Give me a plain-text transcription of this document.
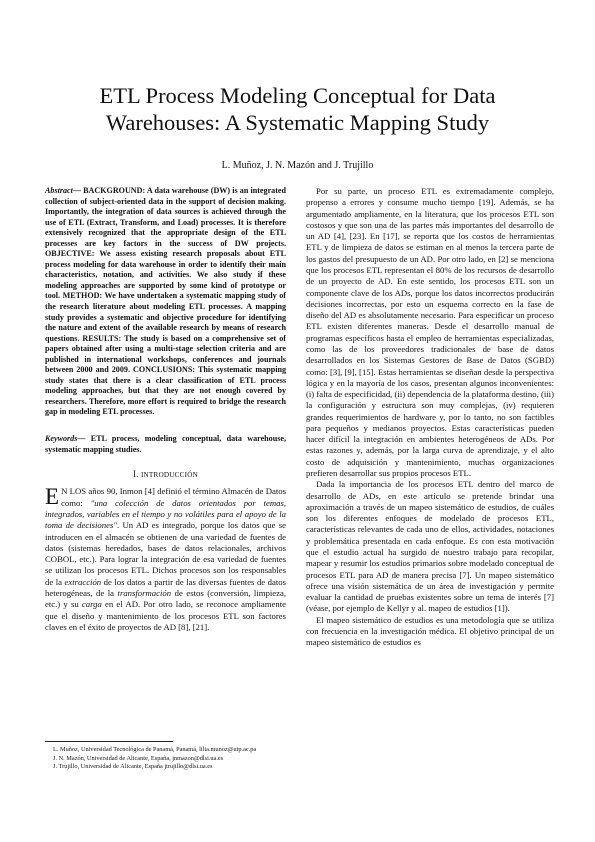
ETL Process Modeling Conceptual for Data
Warehouses: A Systematic Mapping Study
L. Muñoz, J. N. Mazón and J. Trujillo

Abstract— BACKGROUND: A data warehouse (DW) is an integrated collection of subject-oriented data in the support of decision making. Importantly, the integration of data sources is achieved through the use of ETL (Extract, Transform, and Load) processes. It is therefore extensively recognized that the appropriate design of the ETL processes are key factors in the success of DW projects. OBJECTIVE: We assess existing research proposals about ETL process modeling for data warehouse in order to identify their main characteristics, notation, and activities. We also study if these modeling approaches are supported by some kind of prototype or tool. METHOD: We have undertaken a systematic mapping study of the research literature about modeling ETL processes. A mapping study provides a systematic and objective procedure for identifying the nature and extent of the available research by means of research questions. RESULTS: The study is based on a comprehensive set of papers obtained after using a multi-stage selection criteria and are published in international workshops, conferences and journals between 2000 and 2009. CONCLUSIONS: This systematic mapping study states that there is a clear classification of ETL process modeling approaches, but that they are not enough covered by researchers. Therefore, more effort is required to bridge the research gap in modeling ETL processes.

Keywords— ETL process, modeling conceptual, data warehouse, systematic mapping studies.

I. INTRODUCCIÓN

E N LOS años 90, Inmon [4] definió el término Almacén de Datos como: "una colección de datos orientados por temas, integrados, variables en el tiempo y no volátiles para el apoyo de la toma de decisiones". Un AD es integrado, porque los datos que se introducen en el almacén se obtienen de una variedad de fuentes de datos (sistemas heredados, bases de datos relacionales, archivos COBOL, etc.). Para lograr la integración de esa variedad de fuentes se utilizan los procesos ETL. Dichos procesos son los responsables de la extracción de los datos a partir de las diversas fuentes de datos heterogéneas, de la transformación de estos (conversión, limpieza, etc.) y su carga en el AD. Por otro lado, se reconoce ampliamente que el diseño y mantenimiento de los procesos ETL son factores claves en el éxito de proyectos de AD [8], [21].

Por su parte, un proceso ETL es extremadamente complejo, propenso a errores y consume mucho tiempo [19]. Además, se ha argumentado ampliamente, en la literatura, que los procesos ETL son costosos y que son una de las partes más importantes del desarrollo de un AD [4], [23]. En [17], se reporta que los costos de herramientas ETL y de limpieza de datos se estiman en al menos la tercera parte de los gastos del presupuesto de un AD. Por otro lado, en [2] se menciona que los procesos ETL representan el 80% de los recursos de desarrollo de un proyecto de AD. En este sentido, los procesos ETL son un componente clave de los ADs, porque los datos incorrectos producirán decisiones incorrectas, por esto un esquema correcto en la fase de diseño del AD es absolutamente necesario. Para especificar un proceso ETL existen diferentes maneras. Desde el desarrollo manual de programas específicos hasta el empleo de herramientas especializadas, como las de los proveedores tradicionales de base de datos desarrollados en los Sistemas Gestores de Base de Datos (SGBD) como: [3], [9], [15]. Estas herramientas se diseñan desde la perspectiva lógica y en la mayoría de los casos, presentan algunos inconvenientes: (i) falta de especificidad, (ii) dependencia de la plataforma destino, (iii) la configuración y estructura son muy complejas, (iv) requieren grandes requerimientos de hardware y, por lo tanto, no son factibles para pequeños y medianos proyectos. Estas características pueden hacer difícil la integración en ambientes heterogéneos de ADs. Por estas razones y, además, por la larga curva de aprendizaje, y el alto costo de adquisición y mantenimiento, muchas organizaciones prefieren desarrollar sus propios procesos ETL.

Dada la importancia de los procesos ETL dentro del marco de desarrollo de ADs, en este artículo se pretende brindar una aproximación a través de un mapeo sistemático de estudios, de cuáles son los diferentes enfoques de modelado de procesos ETL, características relevantes de cada uno de ellos, actividades, notaciones y problemática presentada en cada enfoque. Es con esta motivación que el estudio actual ha surgido de nuestro trabajo para recopilar, mapear y resumir los estudios primarios sobre modelado conceptual de procesos ETL para AD de manera precisa [7]. Un mapeo sistemático ofrece una visión sistemática de un área de investigación y permite evaluar la cantidad de pruebas existentes sobre un tema de interés [7] (véase, por ejemplo de Kellyr y al. mapeo de estudios [1]).

El mapeo sistemático de estudios es una metodología que se utiliza con frecuencia en la investigación médica. El objetivo principal de un mapeo sistemático de estudios es

L. Muñoz, Universidad Tecnológica de Panamá, Panamá, lilia.munoz@utp.ac.pa
J. N. Mazón, Universidad de Alicante, España, jnmazon@dlsi.ua.es
J. Trujillo, Universidad de Alicante, España jtrujillo@dlsi.ua.es
